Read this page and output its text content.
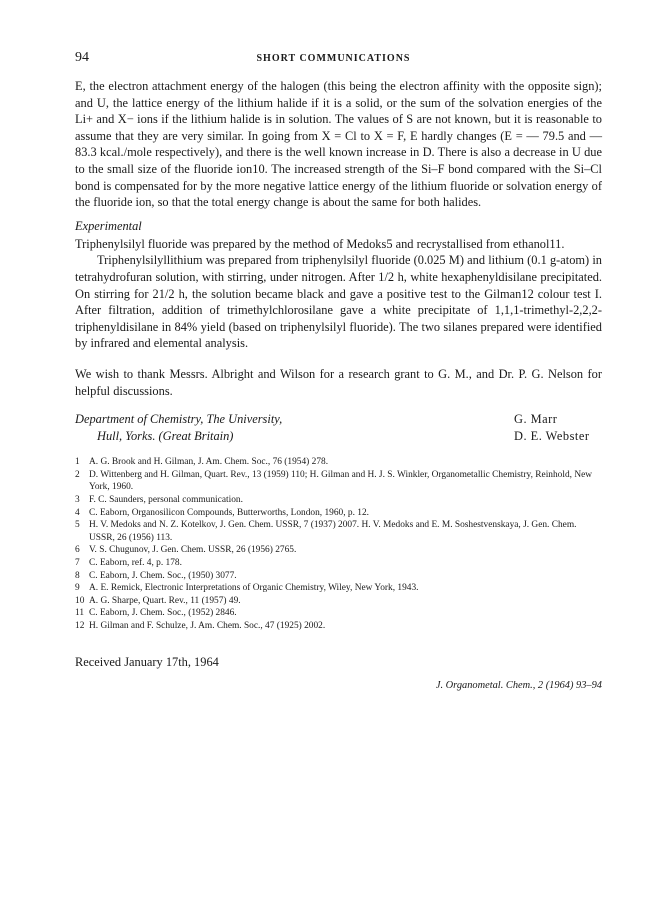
94	SHORT COMMUNICATIONS

E, the electron attachment energy of the halogen (this being the electron affinity with the opposite sign); and U, the lattice energy of the lithium halide if it is a solid, or the sum of the solvation energies of the Li+ and X− ions if the lithium halide is in solution. The values of S are not known, but it is reasonable to assume that they are very similar. In going from X = Cl to X = F, E hardly changes (E = — 79.5 and — 83.3 kcal./mole respectively), and there is the well known increase in D. There is also a decrease in U due to the small size of the fluoride ion10. The increased strength of the Si–F bond compared with the Si–Cl bond is compensated for by the more negative lattice energy of the lithium fluoride or solvation energy of the fluoride ion, so that the total energy change is about the same for both halides.

Experimental

Triphenylsilyl fluoride was prepared by the method of Medoks5 and recrystallised from ethanol11.

Triphenylsilyllithium was prepared from triphenylsilyl fluoride (0.025 M) and lithium (0.1 g-atom) in tetrahydrofuran solution, with stirring, under nitrogen. After 1/2 h, white hexaphenyldisilane precipitated. On stirring for 21/2 h, the solution became black and gave a positive test to the Gilman12 colour test I. After filtration, addition of trimethylchlorosilane gave a white precipitate of 1,1,1-trimethyl-2,2,2-triphenyldisilane in 84% yield (based on triphenylsilyl fluoride). The two silanes prepared were identified by infrared and elemental analysis.

We wish to thank Messrs. Albright and Wilson for a research grant to G. M., and Dr. P. G. Nelson for helpful discussions.

Department of Chemistry, The University,
Hull, Yorks. (Great Britain)
G. Marr
D. E. Webster
1 A. G. Brook and H. Gilman, J. Am. Chem. Soc., 76 (1954) 278.
2 D. Wittenberg and H. Gilman, Quart. Rev., 13 (1959) 110; H. Gilman and H. J. S. Winkler, Organometallic Chemistry, Reinhold, New York, 1960.
3 F. C. Saunders, personal communication.
4 C. Eaborn, Organosilicon Compounds, Butterworths, London, 1960, p. 12.
5 H. V. Medoks and N. Z. Kotelkov, J. Gen. Chem. USSR, 7 (1937) 2007. H. V. Medoks and E. M. Soshestvenskaya, J. Gen. Chem. USSR, 26 (1956) 113.
6 V. S. Chugunov, J. Gen. Chem. USSR, 26 (1956) 2765.
7 C. Eaborn, ref. 4, p. 178.
8 C. Eaborn, J. Chem. Soc., (1950) 3077.
9 A. E. Remick, Electronic Interpretations of Organic Chemistry, Wiley, New York, 1943.
10 A. G. Sharpe, Quart. Rev., 11 (1957) 49.
11 C. Eaborn, J. Chem. Soc., (1952) 2846.
12 H. Gilman and F. Schulze, J. Am. Chem. Soc., 47 (1925) 2002.
Received January 17th, 1964
J. Organometal. Chem., 2 (1964) 93–94
